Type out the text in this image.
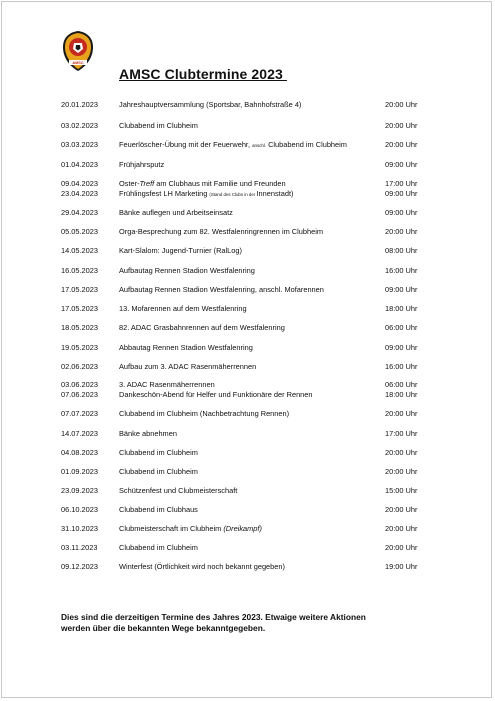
AMSC
AMSC Clubtermine 2023
20.01.2023	Jahreshauptversammlung (Sportsbar, Bahnhofstraße 4)	20:00 Uhr
03.02.2023	Clubabend im Clubheim	20:00 Uhr
03.03.2023	Feuerlöscher-Übung mit der Feuerwehr, anschl. Clubabend im Clubheim	20:00 Uhr
01.04.2023	Frühjahrsputz	09:00 Uhr
09.04.2023	Oster-Treff am Clubhaus mit Familie und Freunden	17:00 Uhr
23.04.2023	Frühlingsfest LH Marketing (Stand des Clubs in der Innenstadt)	09:00 Uhr
29.04.2023	Bänke auflegen und Arbeitseinsatz	09:00 Uhr
05.05.2023	Orga-Besprechung zum 82. Westfalenringrennen im Clubheim	20:00 Uhr
14.05.2023	Kart-Slalom: Jugend-Turnier (RalLog)	08:00 Uhr
16.05.2023	Aufbautag Rennen Stadion Westfalenring	16:00 Uhr
17.05.2023	Aufbautag Rennen Stadion Westfalenring, anschl. Mofarennen	09:00 Uhr
17.05.2023	13. Mofarennen auf dem Westfalenring	18:00 Uhr
18.05.2023	82. ADAC Grasbahnrennen auf dem Westfalenring	06:00 Uhr
19.05.2023	Abbautag Rennen Stadion Westfalenring	09:00 Uhr
02.06.2023	Aufbau zum 3. ADAC Rasenmäherrennen	16:00 Uhr
03.06.2023	3. ADAC Rasenmäherrennen	06:00 Uhr
07.06.2023	Dankeschön-Abend für Helfer und Funktionäre der Rennen	18:00 Uhr
07.07.2023	Clubabend im Clubheim (Nachbetrachtung Rennen)	20:00 Uhr
14.07.2023	Bänke abnehmen	17:00 Uhr
04.08.2023	Clubabend im Clubheim	20:00 Uhr
01.09.2023	Clubabend im Clubheim	20:00 Uhr
23.09.2023	Schützenfest und Clubmeisterschaft	15:00 Uhr
06.10.2023	Clubabend im Clubhaus	20:00 Uhr
31.10.2023	Clubmeisterschaft im Clubheim (Dreikampf)	20:00 Uhr
03.11.2023	Clubabend im Clubheim	20:00 Uhr
09.12.2023	Winterfest (Örtlichkeit wird noch bekannt gegeben)	19:00 Uhr
Dies sind die derzeitigen Termine des Jahres 2023. Etwaige weitere Aktionen
werden über die bekannten Wege bekanntgegeben.
